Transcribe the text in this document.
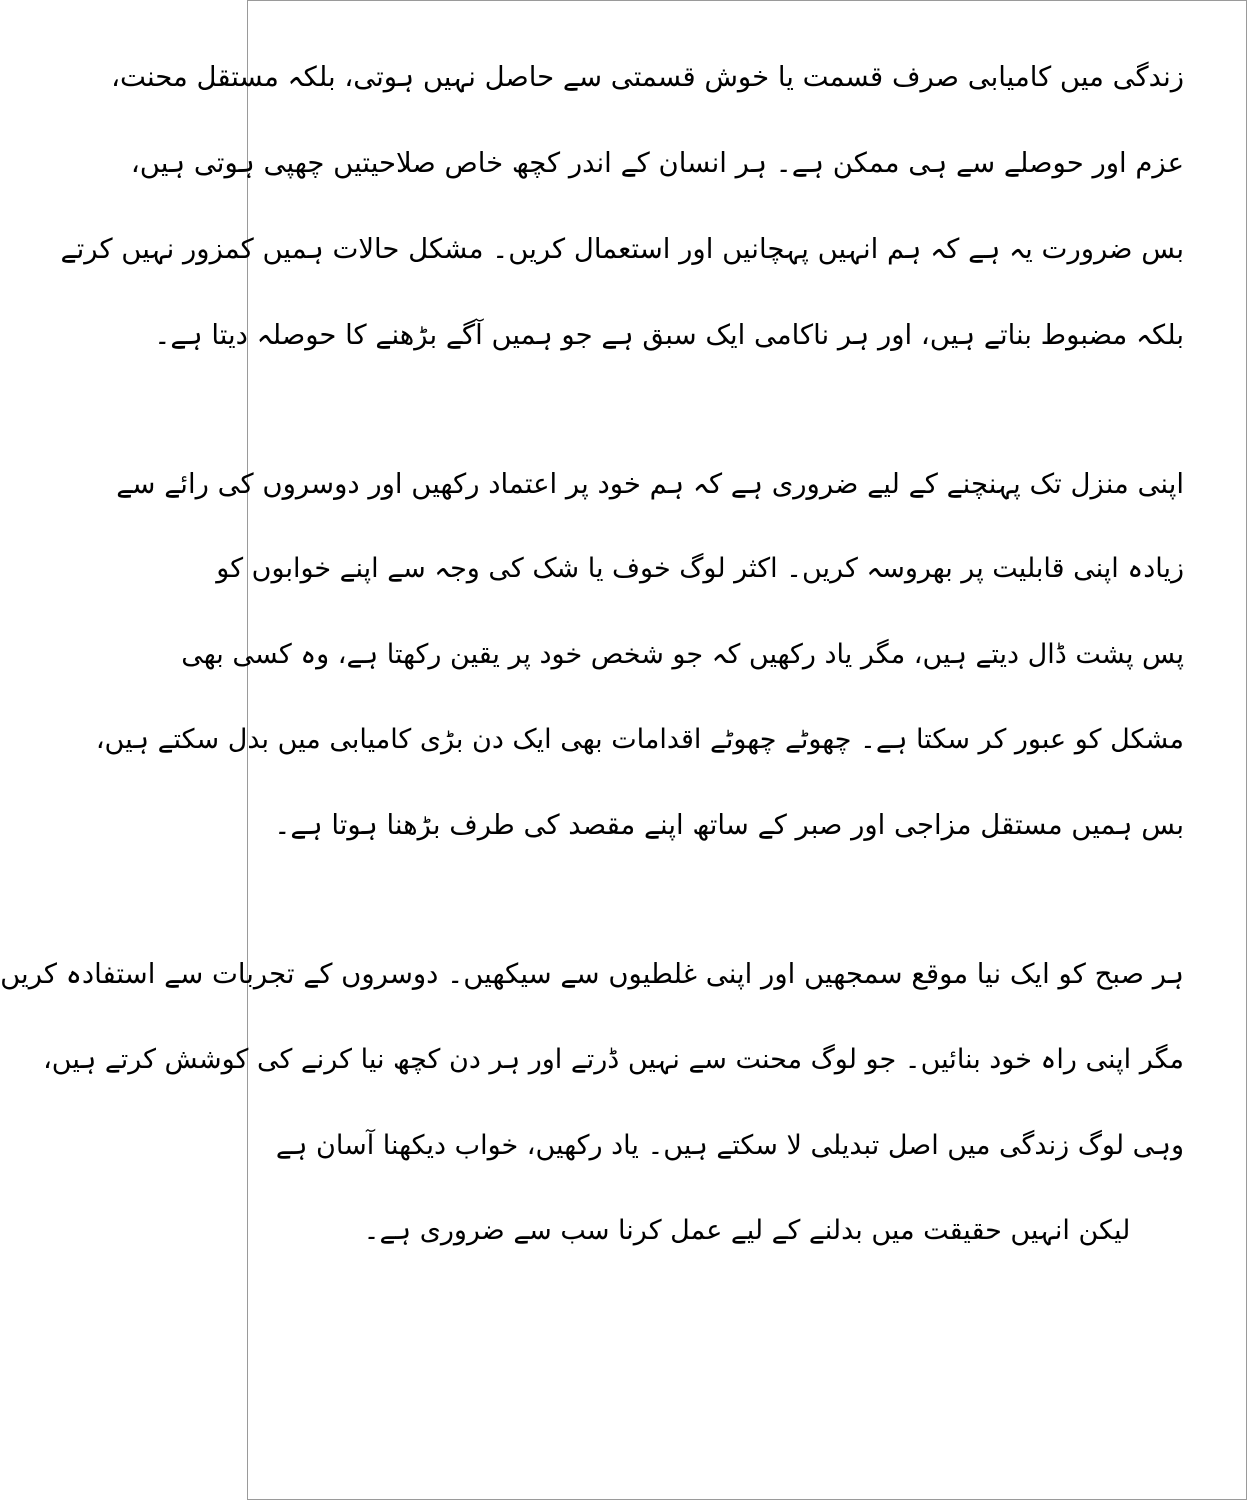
زندگی میں کامیابی صرف قسمت یا خوش قسمتی سے حاصل نہیں ہوتی، بلکہ مستقل محنت،
عزم اور حوصلے سے ہی ممکن ہے۔ ہر انسان کے اندر کچھ خاص صلاحیتیں چھپی ہوتی ہیں،
بس ضرورت یہ ہے کہ ہم انہیں پہچانیں اور استعمال کریں۔ مشکل حالات ہمیں کمزور نہیں کرتے
بلکہ مضبوط بناتے ہیں، اور ہر ناکامی ایک سبق ہے جو ہمیں آگے بڑھنے کا حوصلہ دیتا ہے۔
اپنی منزل تک پہنچنے کے لیے ضروری ہے کہ ہم خود پر اعتماد رکھیں اور دوسروں کی رائے سے
زیادہ اپنی قابلیت پر بھروسہ کریں۔ اکثر لوگ خوف یا شک کی وجہ سے اپنے خوابوں کو
پس پشت ڈال دیتے ہیں، مگر یاد رکھیں کہ جو شخص خود پر یقین رکھتا ہے، وہ کسی بھی
مشکل کو عبور کر سکتا ہے۔ چھوٹے چھوٹے اقدامات بھی ایک دن بڑی کامیابی میں بدل سکتے ہیں،
بس ہمیں مستقل مزاجی اور صبر کے ساتھ اپنے مقصد کی طرف بڑھنا ہوتا ہے۔
ہر صبح کو ایک نیا موقع سمجھیں اور اپنی غلطیوں سے سیکھیں۔ دوسروں کے تجربات سے استفادہ کریں
مگر اپنی راہ خود بنائیں۔ جو لوگ محنت سے نہیں ڈرتے اور ہر دن کچھ نیا کرنے کی کوشش کرتے ہیں،
وہی لوگ زندگی میں اصل تبدیلی لا سکتے ہیں۔ یاد رکھیں، خواب دیکھنا آسان ہے
لیکن انہیں حقیقت میں بدلنے کے لیے عمل کرنا سب سے ضروری ہے۔
